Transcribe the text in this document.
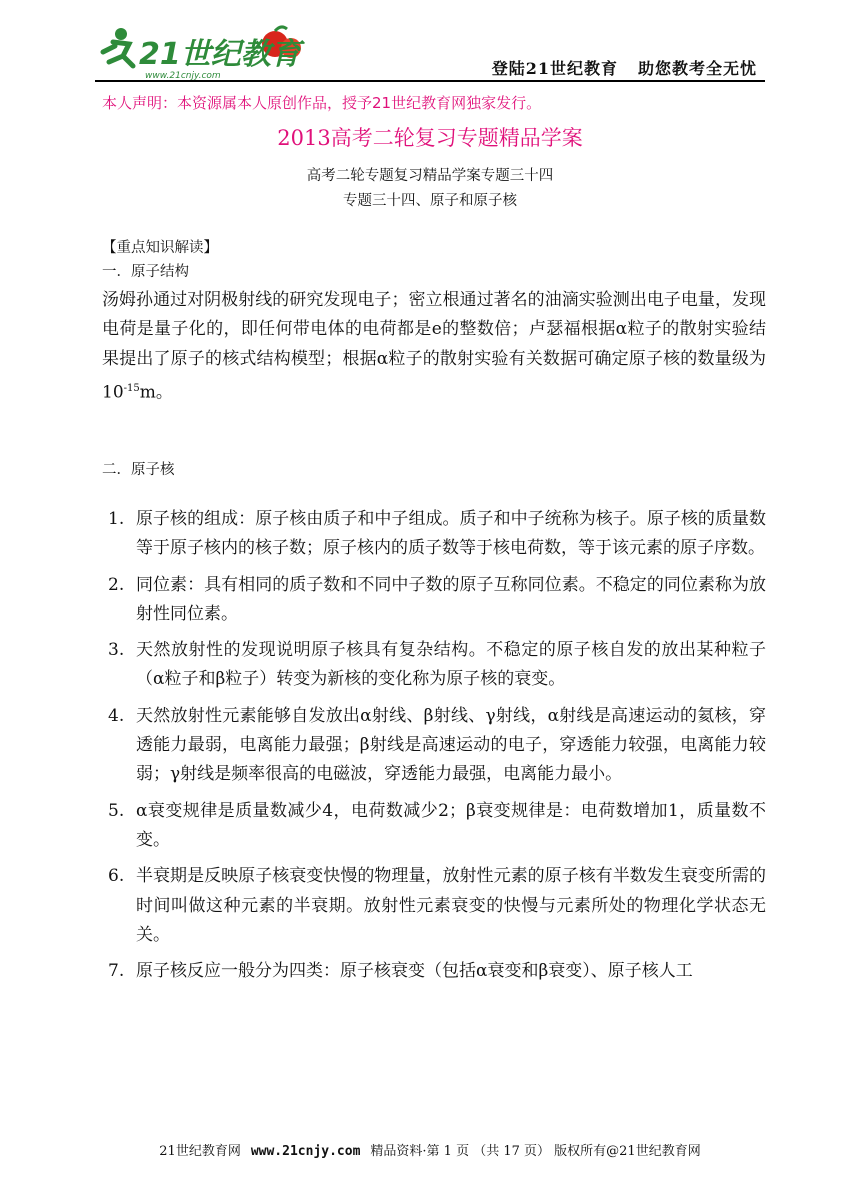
21世纪教育
www.21cnjy.com	登陆21世纪教育 助您教考全无忧
本人声明：本资源属本人原创作品，授予21世纪教育网独家发行。
2013高考二轮复习专题精品学案
高考二轮专题复习精品学案专题三十四
专题三十四、原子和原子核
【重点知识解读】
一．原子结构
汤姆孙通过对阴极射线的研究发现电子；密立根通过著名的油滴实验测出电子电量，发现电荷是量子化的，即任何带电体的电荷都是e的整数倍；卢瑟福根据α粒子的散射实验结果提出了原子的核式结构模型；根据α粒子的散射实验有关数据可确定原子核的数量级为$10^{-15}m$。
二．原子核
1. 原子核的组成：原子核由质子和中子组成。质子和中子统称为核子。原子核的质量数等于原子核内的核子数；原子核内的质子数等于核电荷数，等于该元素的原子序数。
2. 同位素：具有相同的质子数和不同中子数的原子互称同位素。不稳定的同位素称为放射性同位素。
3. 天然放射性的发现说明原子核具有复杂结构。不稳定的原子核自发的放出某种粒子（α粒子和β粒子）转变为新核的变化称为原子核的衰变。
4. 天然放射性元素能够自发放出α射线、β射线、γ射线，α射线是高速运动的氦核，穿透能力最弱，电离能力最强；β射线是高速运动的电子，穿透能力较强，电离能力较弱；γ射线是频率很高的电磁波，穿透能力最强，电离能力最小。
5. α衰变规律是质量数减少4，电荷数减少2；β衰变规律是：电荷数增加1，质量数不变。
6. 半衰期是反映原子核衰变快慢的物理量，放射性元素的原子核有半数发生衰变所需的时间叫做这种元素的半衰期。放射性元素衰变的快慢与元素所处的物理化学状态无关。
7. 原子核反应一般分为四类：原子核衰变（包括α衰变和β衰变）、原子核人工
21世纪教育网 www.21cnjy.com 精品资料·第 1 页 （共 17 页） 版权所有@21世纪教育网
